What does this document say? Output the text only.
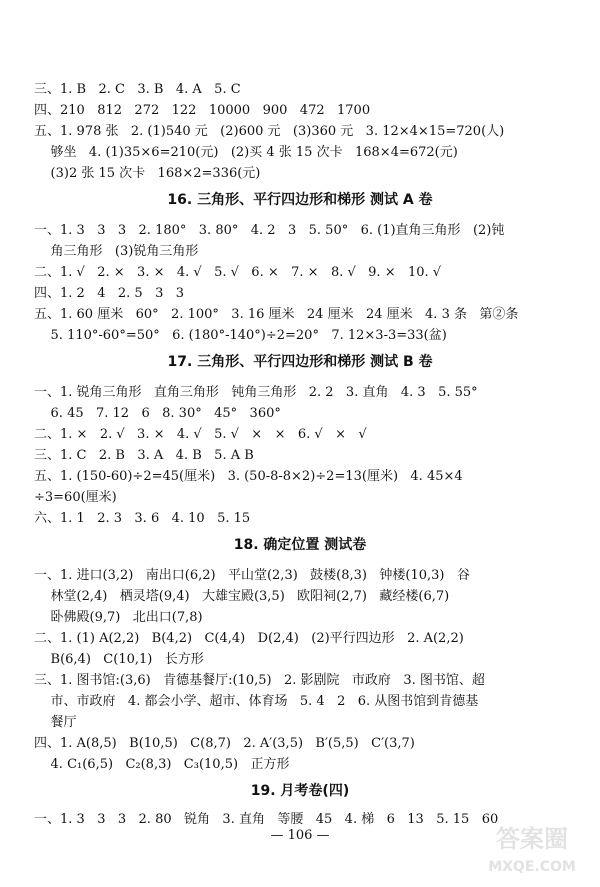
三、1. B   2. C   3. B   4. A   5. C
四、210   812   272   122   10000   900   472   1700
五、1. 978 张   2. (1)540 元   (2)600 元   (3)360 元   3. 12×4×15=720(人)
够坐   4. (1)35×6=210(元)   (2)买 4 张 15 次卡   168×4=672(元)
(3)2 张 15 次卡   168×2=336(元)
16. 三角形、平行四边形和梯形 测试 A 卷
一、1. 3   3   3   2. 180°   3. 80°   4. 2   3   5. 50°   6. (1)直角三角形   (2)钝
角三角形   (3)锐角三角形
二、1. √   2. ×   3. ×   4. √   5. √   6. ×   7. ×   8. √   9. ×   10. √
四、1. 2   4   2. 5   3   3
五、1. 60 厘米   60°   2. 100°   3. 16 厘米   24 厘米   24 厘米   4. 3 条   第②条
5. 110°-60°=50°   6. (180°-140°)÷2=20°   7. 12×3-3=33(盆)
17. 三角形、平行四边形和梯形 测试 B 卷
一、1. 锐角三角形   直角三角形   钝角三角形   2. 2   3. 直角   4. 3   5. 55°
6. 45   7. 12   6   8. 30°   45°   360°
二、1. ×   2. √   3. ×   4. √   5. √   ×   ×   6. √   ×   √
三、1. C   2. B   3. A   4. B   5. A B
五、1. (150-60)÷2=45(厘米)   3. (50-8-8×2)÷2=13(厘米)   4. 45×4
÷3=60(厘米)
六、1. 1   2. 3   3. 6   4. 10   5. 15
18. 确定位置 测试卷
一、1. 进口(3,2)   南出口(6,2)   平山堂(2,3)   鼓楼(8,3)   钟楼(10,3)   谷
林堂(2,4)   栖灵塔(9,4)   大雄宝殿(3,5)   欧阳祠(2,7)   藏经楼(6,7)
卧佛殿(9,7)   北出口(7,8)
二、1. (1) A(2,2)   B(4,2)   C(4,4)   D(2,4)   (2)平行四边形   2. A(2,2)
B(6,4)   C(10,1)   长方形
三、1. 图书馆:(3,6)   肯德基餐厅:(10,5)   2. 影剧院   市政府   3. 图书馆、超
市、市政府   4. 都会小学、超市、体育场   5. 4   2   6. 从图书馆到肯德基
餐厅
四、1. A(8,5)   B(10,5)   C(8,7)   2. A′(3,5)   B′(5,5)   C′(3,7)
4. C₁(6,5)   C₂(8,3)   C₃(10,5)   正方形
19. 月考卷(四)
一、1. 3   3   3   2. 80   锐角   3. 直角   等腰   45   4. 梯   6   13   5. 15   60
— 106 —	答案圈
MXQE.COM
